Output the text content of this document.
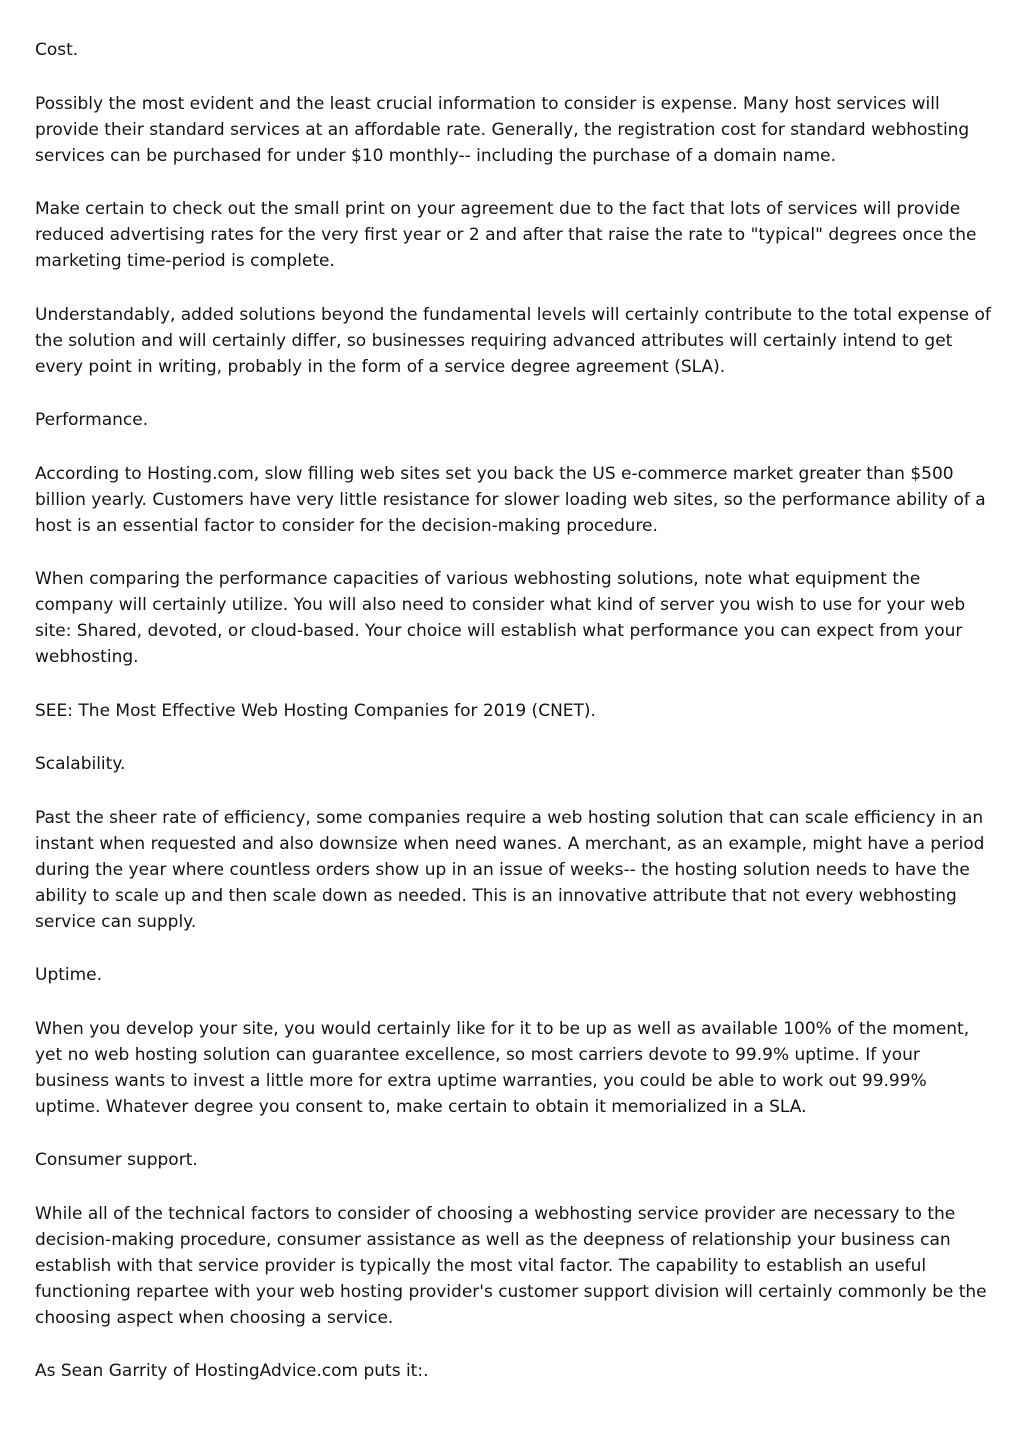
Cost.

Possibly the most evident and the least crucial information to consider is expense. Many host services will provide their standard services at an affordable rate. Generally, the registration cost for standard webhosting services can be purchased for under $10 monthly-- including the purchase of a domain name.

Make certain to check out the small print on your agreement due to the fact that lots of services will provide reduced advertising rates for the very first year or 2 and after that raise the rate to "typical" degrees once the marketing time-period is complete.

Understandably, added solutions beyond the fundamental levels will certainly contribute to the total expense of the solution and will certainly differ, so businesses requiring advanced attributes will certainly intend to get every point in writing, probably in the form of a service degree agreement (SLA).

Performance.

According to Hosting.com, slow filling web sites set you back the US e-commerce market greater than $500 billion yearly. Customers have very little resistance for slower loading web sites, so the performance ability of a host is an essential factor to consider for the decision-making procedure.

When comparing the performance capacities of various webhosting solutions, note what equipment the company will certainly utilize. You will also need to consider what kind of server you wish to use for your web site: Shared, devoted, or cloud-based. Your choice will establish what performance you can expect from your webhosting.

SEE: The Most Effective Web Hosting Companies for 2019 (CNET).

Scalability.

Past the sheer rate of efficiency, some companies require a web hosting solution that can scale efficiency in an instant when requested and also downsize when need wanes. A merchant, as an example, might have a period during the year where countless orders show up in an issue of weeks-- the hosting solution needs to have the ability to scale up and then scale down as needed. This is an innovative attribute that not every webhosting service can supply.

Uptime.

When you develop your site, you would certainly like for it to be up as well as available 100% of the moment, yet no web hosting solution can guarantee excellence, so most carriers devote to 99.9% uptime. If your business wants to invest a little more for extra uptime warranties, you could be able to work out 99.99% uptime. Whatever degree you consent to, make certain to obtain it memorialized in a SLA.

Consumer support.

While all of the technical factors to consider of choosing a webhosting service provider are necessary to the decision-making procedure, consumer assistance as well as the deepness of relationship your business can establish with that service provider is typically the most vital factor. The capability to establish an useful functioning repartee with your web hosting provider's customer support division will certainly commonly be the choosing aspect when choosing a service.

As Sean Garrity of HostingAdvice.com puts it:.
